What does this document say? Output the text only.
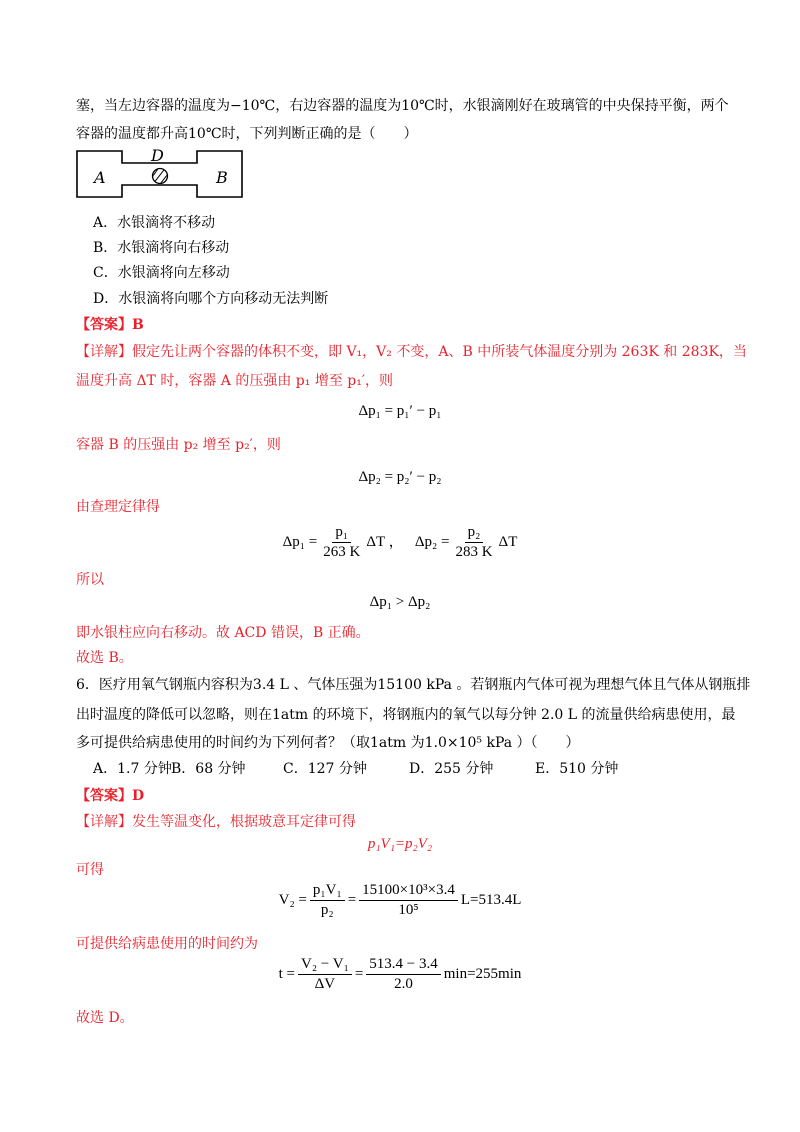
塞，当左边容器的温度为−10℃，右边容器的温度为10℃时，水银滴刚好在玻璃管的中央保持平衡，两个
容器的温度都升高10℃时，下列判断正确的是（　　）
A	B
D
A．水银滴将不移动
B．水银滴将向右移动
C．水银滴将向左移动
D．水银滴将向哪个方向移动无法判断
【答案】B
【详解】假定先让两个容器的体积不变，即 V₁，V₂ 不变，A、B 中所装气体温度分别为 263K 和 283K，当
温度升高 ΔT 时，容器 A 的压强由 p₁ 增至 p₁′，则
Δp₁ = p₁′ − p₁
容器 B 的压强由 p₂ 增至 p₂′，则
Δp₂ = p₂′ − p₂
由查理定律得
$\Delta p_1 = \frac{\text{p₁}}{263 K}$ ΔT ， $\Delta p_2 = \frac{\text{p₂}}{283 K}$ ΔT
所以
Δp₁ > Δp₂
即水银柱应向右移动。故 ACD 错误，B 正确。
故选 B。
6．医疗用氧气钢瓶内容积为3.4 L 、气体压强为15100 kPa 。若钢瓶内气体可视为理想气体且气体从钢瓶排
出时温度的降低可以忽略，则在1atm 的环境下，将钢瓶内的氧气以每分钟 2.0 L 的流量供给病患使用，最
多可提供给病患使用的时间约为下列何者？（取1atm 为1.0×10⁵ kPa ）（　　）
A．1.7 分钟B．68 分钟	C．127 分钟	D．255 分钟	E．510 分钟
【答案】D
【详解】发生等温变化，根据玻意耳定律可得
p₁V₁=p₂V₂
可得
$V_2 = \frac{\text{p₁V₁}}{\text{p₂}} = \frac{\text{15100×10³×3.4}}{\text{10⁵}} L=513.4L$
可提供给病患使用的时间约为
$t = \frac{\text{V₂ − V₁}}{\Delta V} = \frac{513.4 - 3.4}{2.0} \min=255\min$
故选 D。
